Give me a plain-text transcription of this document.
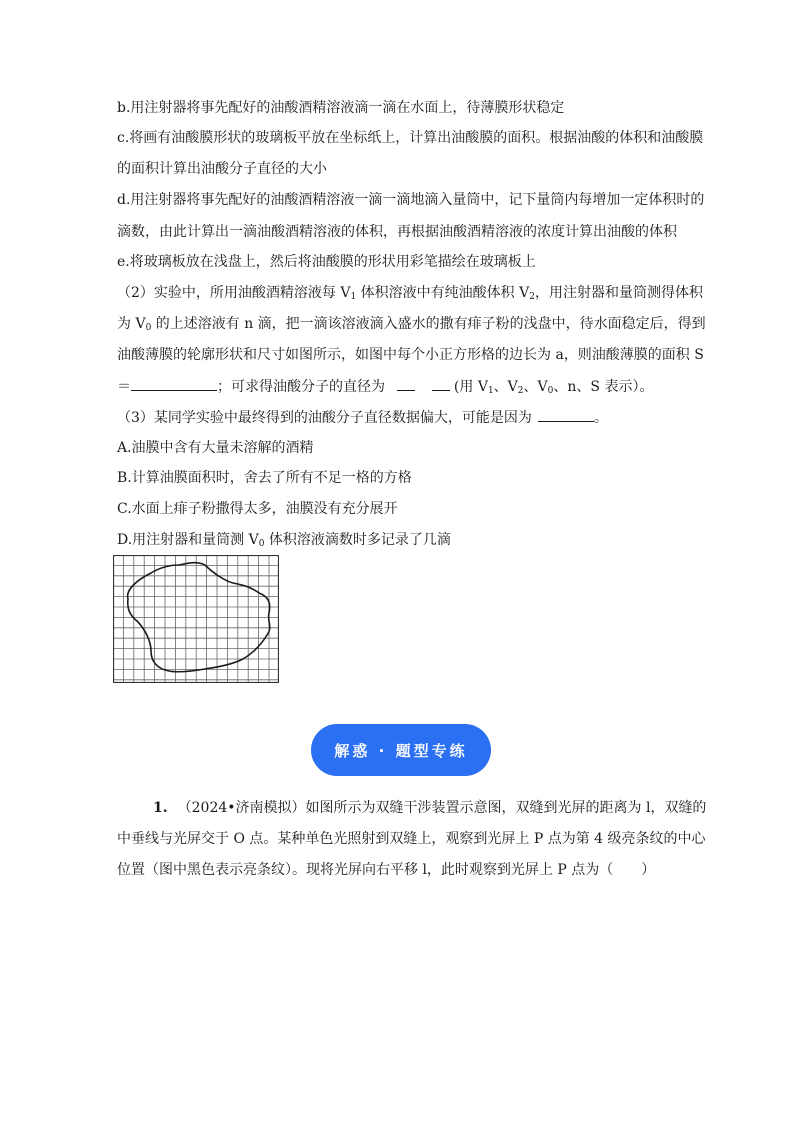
b.用注射器将事先配好的油酸酒精溶液滴一滴在水面上，待薄膜形状稳定
c.将画有油酸膜形状的玻璃板平放在坐标纸上，计算出油酸膜的面积。根据油酸的体积和油酸膜
的面积计算出油酸分子直径的大小
d.用注射器将事先配好的油酸酒精溶液一滴一滴地滴入量筒中，记下量筒内每增加一定体积时的
滴数，由此计算出一滴油酸酒精溶液的体积，再根据油酸酒精溶液的浓度计算出油酸的体积
e.将玻璃板放在浅盘上，然后将油酸膜的形状用彩笔描绘在玻璃板上
（2）实验中，所用油酸酒精溶液每 $V_1$ 体积溶液中有纯油酸体积 $V_2$，用注射器和量筒测得体积
为 $V_0$ 的上述溶液有 n 滴，把一滴该溶液滴入盛水的撒有痱子粉的浅盘中，待水面稳定后，得到
油酸薄膜的轮廓形状和尺寸如图所示，如图中每个小正方形格的边长为 a，则油酸薄膜的面积 S
＝	；可求得油酸分子的直径为	(用 $V_1$、$V_2$、$V_0$、n、S 表示）。
（3）某同学实验中最终得到的油酸分子直径数据偏大，可能是因为	。
A.油膜中含有大量未溶解的酒精
B.计算油膜面积时，舍去了所有不足一格的方格
C.水面上痱子粉撒得太多，油膜没有充分展开
D.用注射器和量筒测 $V_0$ 体积溶液滴数时多记录了几滴
解惑 · 题型专练
1. （2024•济南模拟）如图所示为双缝干涉装置示意图，双缝到光屏的距离为 l，双缝的
中垂线与光屏交于 O 点。某种单色光照射到双缝上，观察到光屏上 P 点为第 4 级亮条纹的中心
位置（图中黑色表示亮条纹）。现将光屏向右平移 l，此时观察到光屏上 P 点为（　　）
